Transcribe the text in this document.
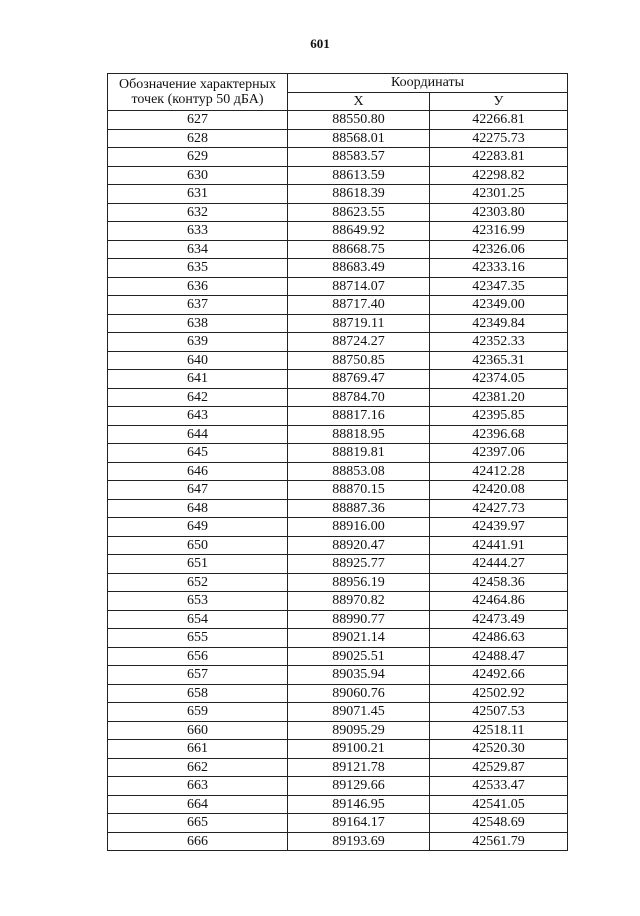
601
Обозначение характерных точек (контур 50 дБА)	Координаты	
	X	У
627	88550.80	42266.81
628	88568.01	42275.73
629	88583.57	42283.81
630	88613.59	42298.82
631	88618.39	42301.25
632	88623.55	42303.80
633	88649.92	42316.99
634	88668.75	42326.06
635	88683.49	42333.16
636	88714.07	42347.35
637	88717.40	42349.00
638	88719.11	42349.84
639	88724.27	42352.33
640	88750.85	42365.31
641	88769.47	42374.05
642	88784.70	42381.20
643	88817.16	42395.85
644	88818.95	42396.68
645	88819.81	42397.06
646	88853.08	42412.28
647	88870.15	42420.08
648	88887.36	42427.73
649	88916.00	42439.97
650	88920.47	42441.91
651	88925.77	42444.27
652	88956.19	42458.36
653	88970.82	42464.86
654	88990.77	42473.49
655	89021.14	42486.63
656	89025.51	42488.47
657	89035.94	42492.66
658	89060.76	42502.92
659	89071.45	42507.53
660	89095.29	42518.11
661	89100.21	42520.30
662	89121.78	42529.87
663	89129.66	42533.47
664	89146.95	42541.05
665	89164.17	42548.69
666	89193.69	42561.79
